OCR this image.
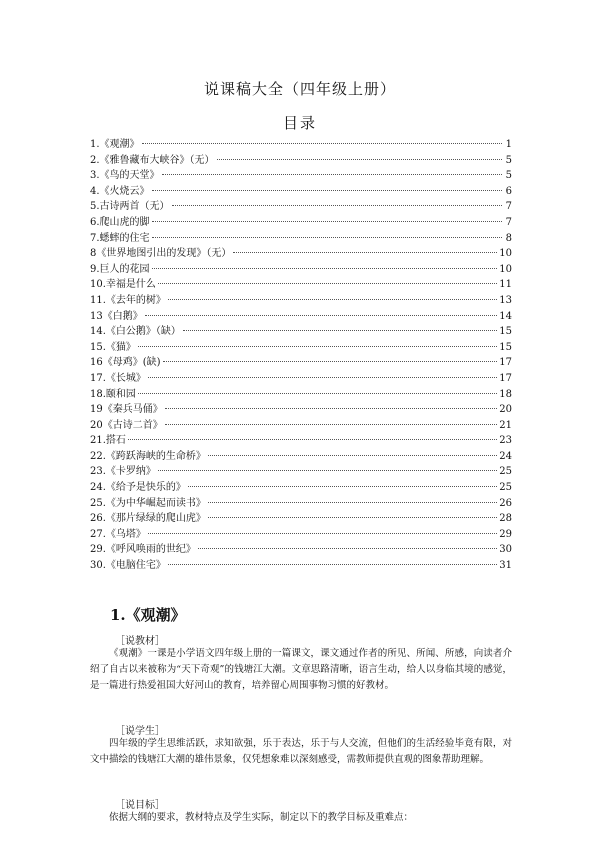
说课稿大全（四年级上册）
目录
1.《观潮》	1
2.《雅鲁藏布大峡谷》（无）	5
3.《鸟的天堂》	5
4.《火烧云》	6
5.古诗两首（无）	7
6.爬山虎的脚	7
7.蟋蟀的住宅	8
8《世界地图引出的发现》（无）	10
9.巨人的花园	10
10.幸福是什么	11
11.《去年的树》	13
13《白鹅》	14
14.《白公鹅》（缺）	15
15.《猫》	15
16《母鸡》(缺)	17
17.《长城》	17
18.颐和园	18
19《秦兵马俑》	20
20《古诗二首》	21
21.搭石	23
22.《跨跃海峡的生命桥》	24
23.《卡罗纳》	25
24.《给予是快乐的》	25
25.《为中华崛起而读书》	26
26.《那片绿绿的爬山虎》	28
27.《乌塔》	29
29.《呼风唤雨的世纪》	30
30.《电脑住宅》	31
1.《观潮》
［说教材］
《观潮》一课是小学语文四年级上册的一篇课文，课文通过作者的所见、所闻、所感，向读者介绍了自古以来被称为“天下奇观”的钱塘江大潮。文章思路清晰，语言生动，给人以身临其境的感觉，是一篇进行热爱祖国大好河山的教育，培养留心周围事物习惯的好教材。
［说学生］
四年级的学生思维活跃，求知欲强，乐于表达，乐于与人交流，但他们的生活经验毕竟有限，对文中描绘的钱塘江大潮的雄伟景象，仅凭想象难以深刻感受，需教师提供直观的图象帮助理解。
［说目标］
依据大纲的要求，教材特点及学生实际，制定以下的教学目标及重难点：
